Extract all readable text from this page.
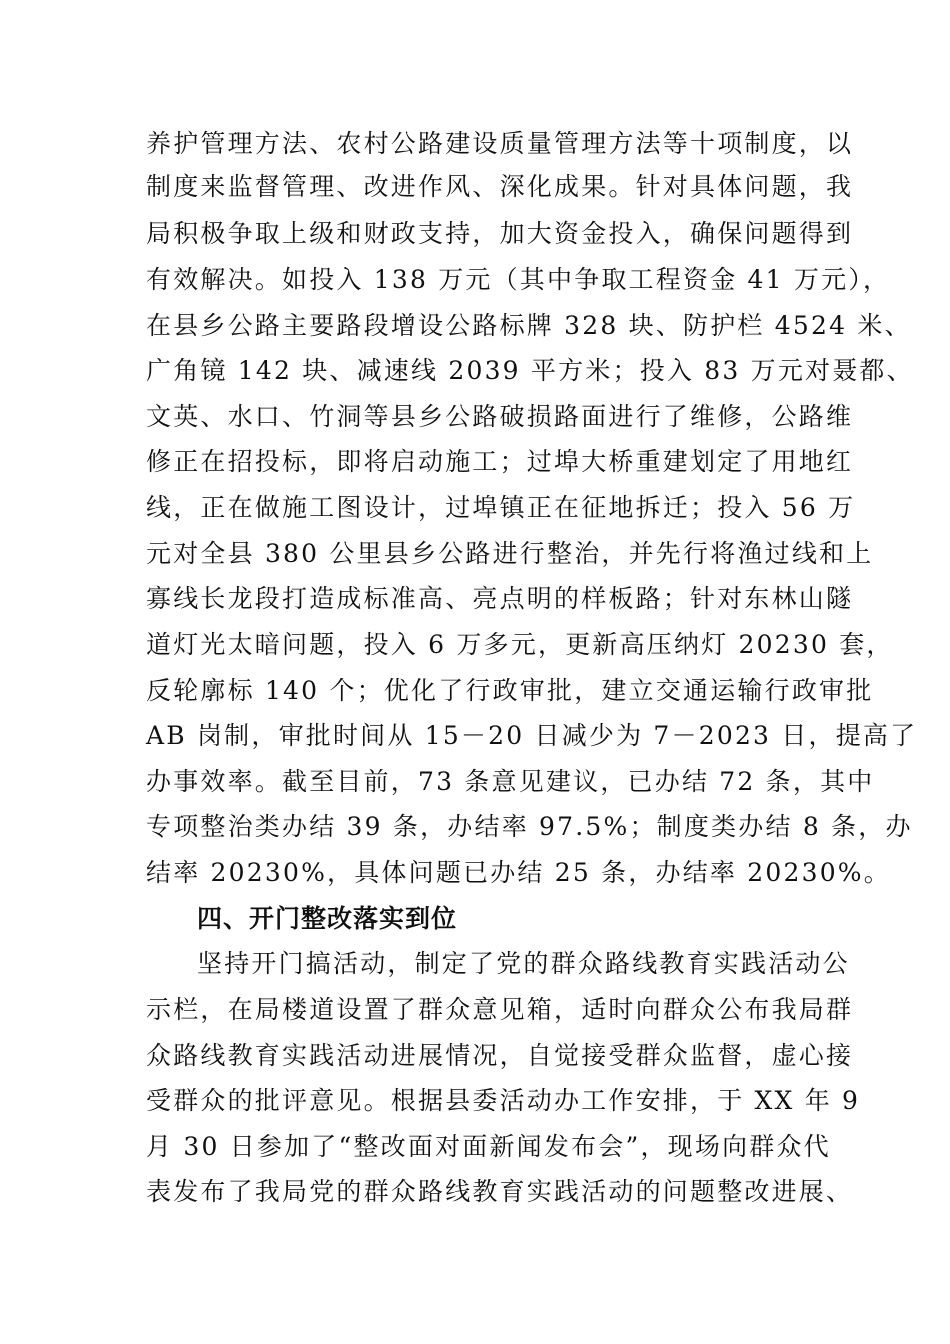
养护管理方法、农村公路建设质量管理方法等十项制度，以
制度来监督管理、改进作风、深化成果。针对具体问题，我
局积极争取上级和财政支持，加大资金投入，确保问题得到
有效解决。如投入 138 万元（其中争取工程资金 41 万元），
在县乡公路主要路段增设公路标牌 328 块、防护栏 4524 米、
广角镜 142 块、减速线 2039 平方米；投入 83 万元对聂都、
文英、水口、竹洞等县乡公路破损路面进行了维修，公路维
修正在招投标，即将启动施工；过埠大桥重建划定了用地红
线，正在做施工图设计，过埠镇正在征地拆迁；投入 56 万
元对全县 380 公里县乡公路进行整治，并先行将渔过线和上
寡线长龙段打造成标准高、亮点明的样板路；针对东林山隧
道灯光太暗问题，投入 6 万多元，更新高压纳灯 20230 套，
反轮廓标 140 个；优化了行政审批，建立交通运输行政审批
AB 岗制，审批时间从 15－20 日减少为 7－2023 日，提高了
办事效率。截至目前，73 条意见建议，已办结 72 条，其中
专项整治类办结 39 条，办结率 97.5%；制度类办结 8 条，办
结率 20230%，具体问题已办结 25 条，办结率 20230%。
四、开门整改落实到位
坚持开门搞活动，制定了党的群众路线教育实践活动公
示栏，在局楼道设置了群众意见箱，适时向群众公布我局群
众路线教育实践活动进展情况，自觉接受群众监督，虚心接
受群众的批评意见。根据县委活动办工作安排，于 XX 年 9
月 30 日参加了“整改面对面新闻发布会”，现场向群众代
表发布了我局党的群众路线教育实践活动的问题整改进展、
